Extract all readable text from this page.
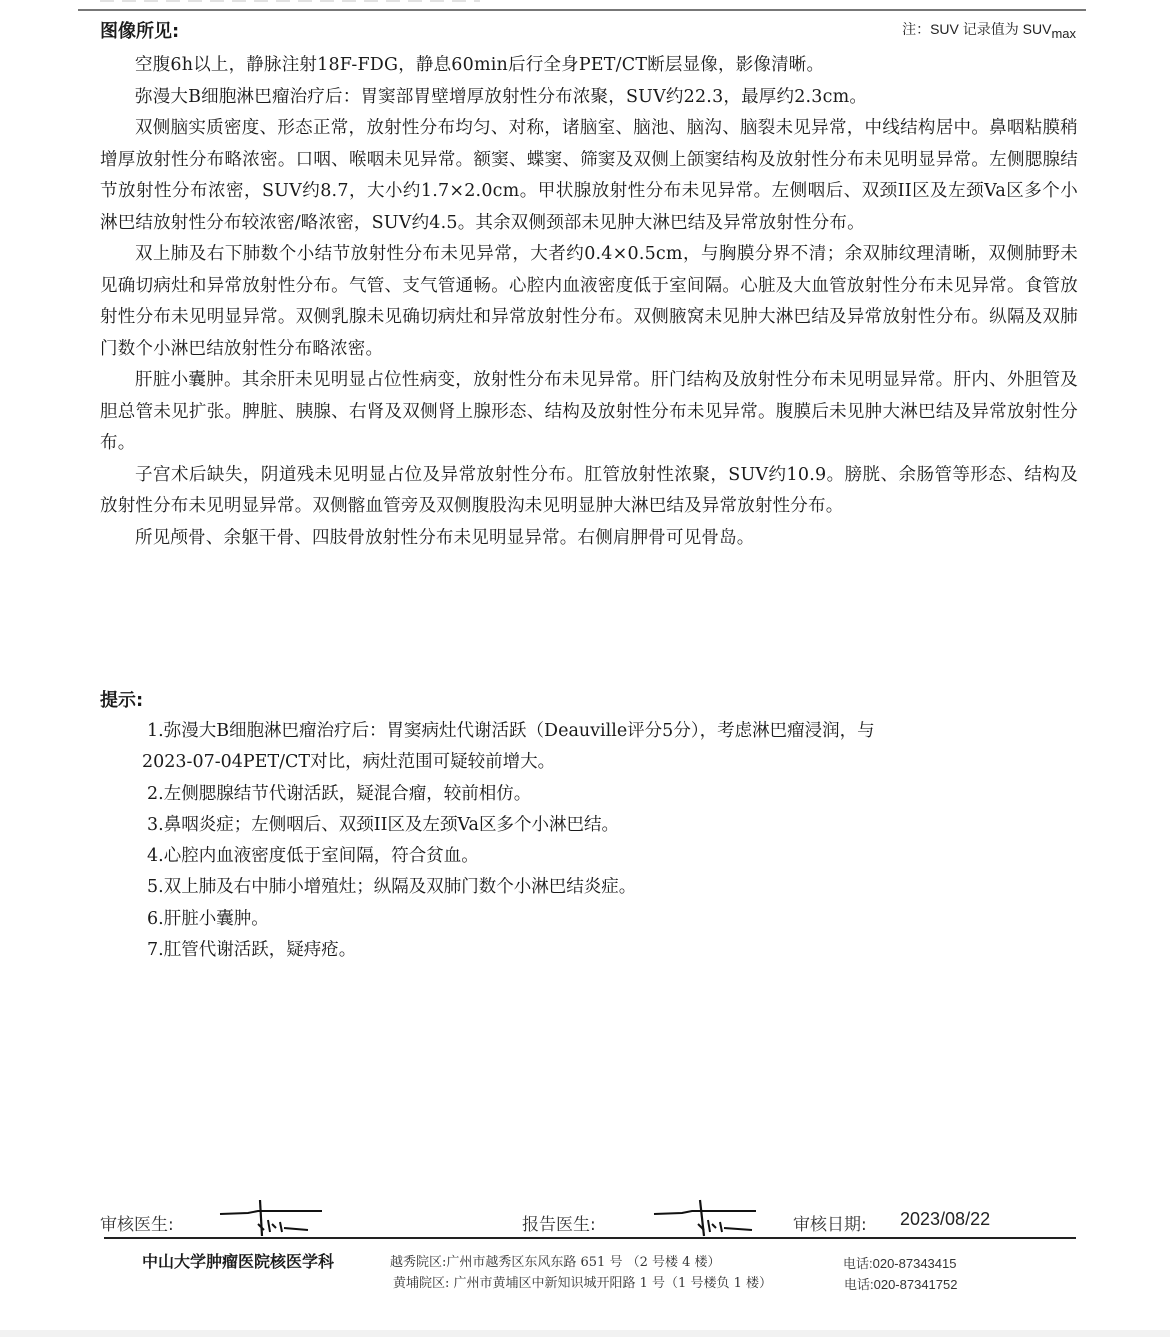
图像所见:	注：SUV 记录值为 $SUV_{max}$

空腹6h以上，静脉注射18F-FDG，静息60min后行全身PET/CT断层显像，影像清晰。

弥漫大B细胞淋巴瘤治疗后：胃窦部胃壁增厚放射性分布浓聚，SUV约22.3，最厚约2.3cm。

双侧脑实质密度、形态正常，放射性分布均匀、对称，诸脑室、脑池、脑沟、脑裂未见异常，中线结构居中。鼻咽粘膜稍增厚放射性分布略浓密。口咽、喉咽未见异常。额窦、蝶窦、筛窦及双侧上颌窦结构及放射性分布未见明显异常。左侧腮腺结节放射性分布浓密，SUV约8.7，大小约1.7×2.0cm。甲状腺放射性分布未见异常。左侧咽后、双颈II区及左颈Va区多个小淋巴结放射性分布较浓密/略浓密，SUV约4.5。其余双侧颈部未见肿大淋巴结及异常放射性分布。

双上肺及右下肺数个小结节放射性分布未见异常，大者约0.4×0.5cm，与胸膜分界不清；余双肺纹理清晰，双侧肺野未见确切病灶和异常放射性分布。气管、支气管通畅。心腔内血液密度低于室间隔。心脏及大血管放射性分布未见异常。食管放射性分布未见明显异常。双侧乳腺未见确切病灶和异常放射性分布。双侧腋窝未见肿大淋巴结及异常放射性分布。纵隔及双肺门数个小淋巴结放射性分布略浓密。

肝脏小囊肿。其余肝未见明显占位性病变，放射性分布未见异常。肝门结构及放射性分布未见明显异常。肝内、外胆管及胆总管未见扩张。脾脏、胰腺、右肾及双侧肾上腺形态、结构及放射性分布未见异常。腹膜后未见肿大淋巴结及异常放射性分布。

子宫术后缺失，阴道残未见明显占位及异常放射性分布。肛管放射性浓聚，SUV约10.9。膀胱、余肠管等形态、结构及放射性分布未见明显异常。双侧髂血管旁及双侧腹股沟未见明显肿大淋巴结及异常放射性分布。

所见颅骨、余躯干骨、四肢骨放射性分布未见明显异常。右侧肩胛骨可见骨岛。

提示:

1.弥漫大B细胞淋巴瘤治疗后：胃窦病灶代谢活跃（Deauville评分5分），考虑淋巴瘤浸润，与

2023-07-04PET/CT对比，病灶范围可疑较前增大。

2.左侧腮腺结节代谢活跃，疑混合瘤，较前相仿。

3.鼻咽炎症；左侧咽后、双颈II区及左颈Va区多个小淋巴结。

4.心腔内血液密度低于室间隔，符合贫血。

5.双上肺及右中肺小增殖灶；纵隔及双肺门数个小淋巴结炎症。

6.肝脏小囊肿。

7.肛管代谢活跃，疑痔疮。

审核医生:	报告医生:	审核日期: 2023/08/22
中山大学肿瘤医院核医学科	越秀院区:广州市越秀区东风东路 651 号 （2 号楼 4 楼）	电话:020-87343415
黄埔院区: 广州市黄埔区中新知识城开阳路 1 号（1 号楼负 1 楼）	电话:020-87341752
